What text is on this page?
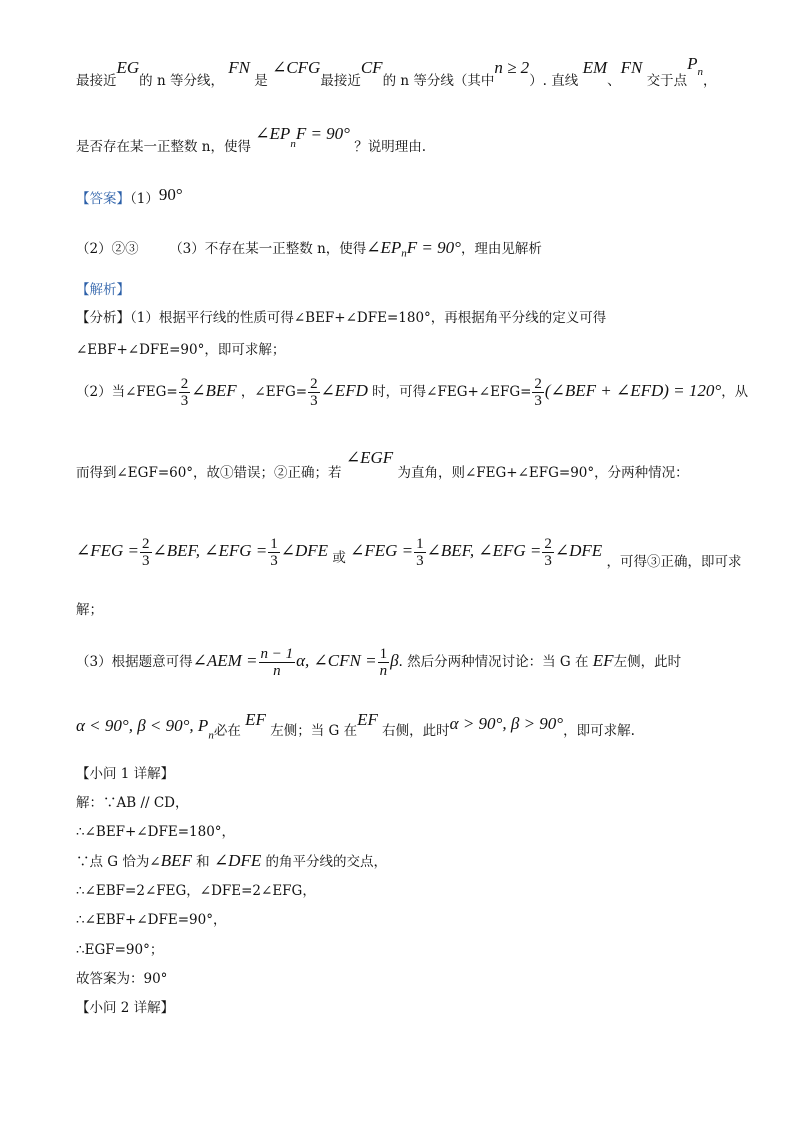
最接近EG的 n 等分线， FN 是 ∠CFG最接近CF的 n 等分线（其中n ≥ 2）. 直线 EM、FN 交于点$P_n$，
是否存在某一正整数 n，使得 $\angle EP_nF = 90^\circ$ ？说明理由.
【答案】（1）90°
（2）②③ （3）不存在某一正整数 n，使得$\angle EP_nF = 90^\circ$，理由见解析
【解析】
【分析】（1）根据平行线的性质可得∠BEF+∠DFE=180°，再根据角平分线的定义可得
∠EBF+∠DFE=90°，即可求解；
（2）当∠FEG= $\frac{2}{3}$ ∠BEF ，∠EFG= $\frac{2}{3}$ ∠EFD 时，可得∠FEG+∠EFG= $\frac{2}{3}$ (∠BEF + ∠EFD) = 120°，从
而得到∠EGF=60°，故①错误；②正确；若 ∠EGF 为直角，则∠FEG+∠EFG=90°，分两种情况：
∠FEG = $\frac{2}{3}$ ∠BEF, ∠EFG = $\frac{1}{3}$ ∠DFE 或 ∠FEG = $\frac{1}{3}$ ∠BEF, ∠EFG = $\frac{2}{3}$ ∠DFE ，可得③正确，即可求
解；
（3）根据题意可得∠AEM = $\frac{n - 1}{n} \alpha$, ∠CFN = $\frac{1}{n} \beta$. 然后分两种情况讨论：当 G 在 EF左侧，此时
α < 90°, β < 90°, $P_n$必在 EF 左侧；当 G 在EF 右侧，此时α > 90°, β > 90°，即可求解.
【小问 1 详解】
解：∵AB // CD，
∴∠BEF+∠DFE=180°，
∵点 G 恰为∠BEF 和 ∠DFE 的角平分线的交点，
∴∠EBF=2∠FEG，∠DFE=2∠EFG，
∴∠EBF+∠DFE=90°，
∴EGF=90°；
故答案为：90°
【小问 2 详解】
